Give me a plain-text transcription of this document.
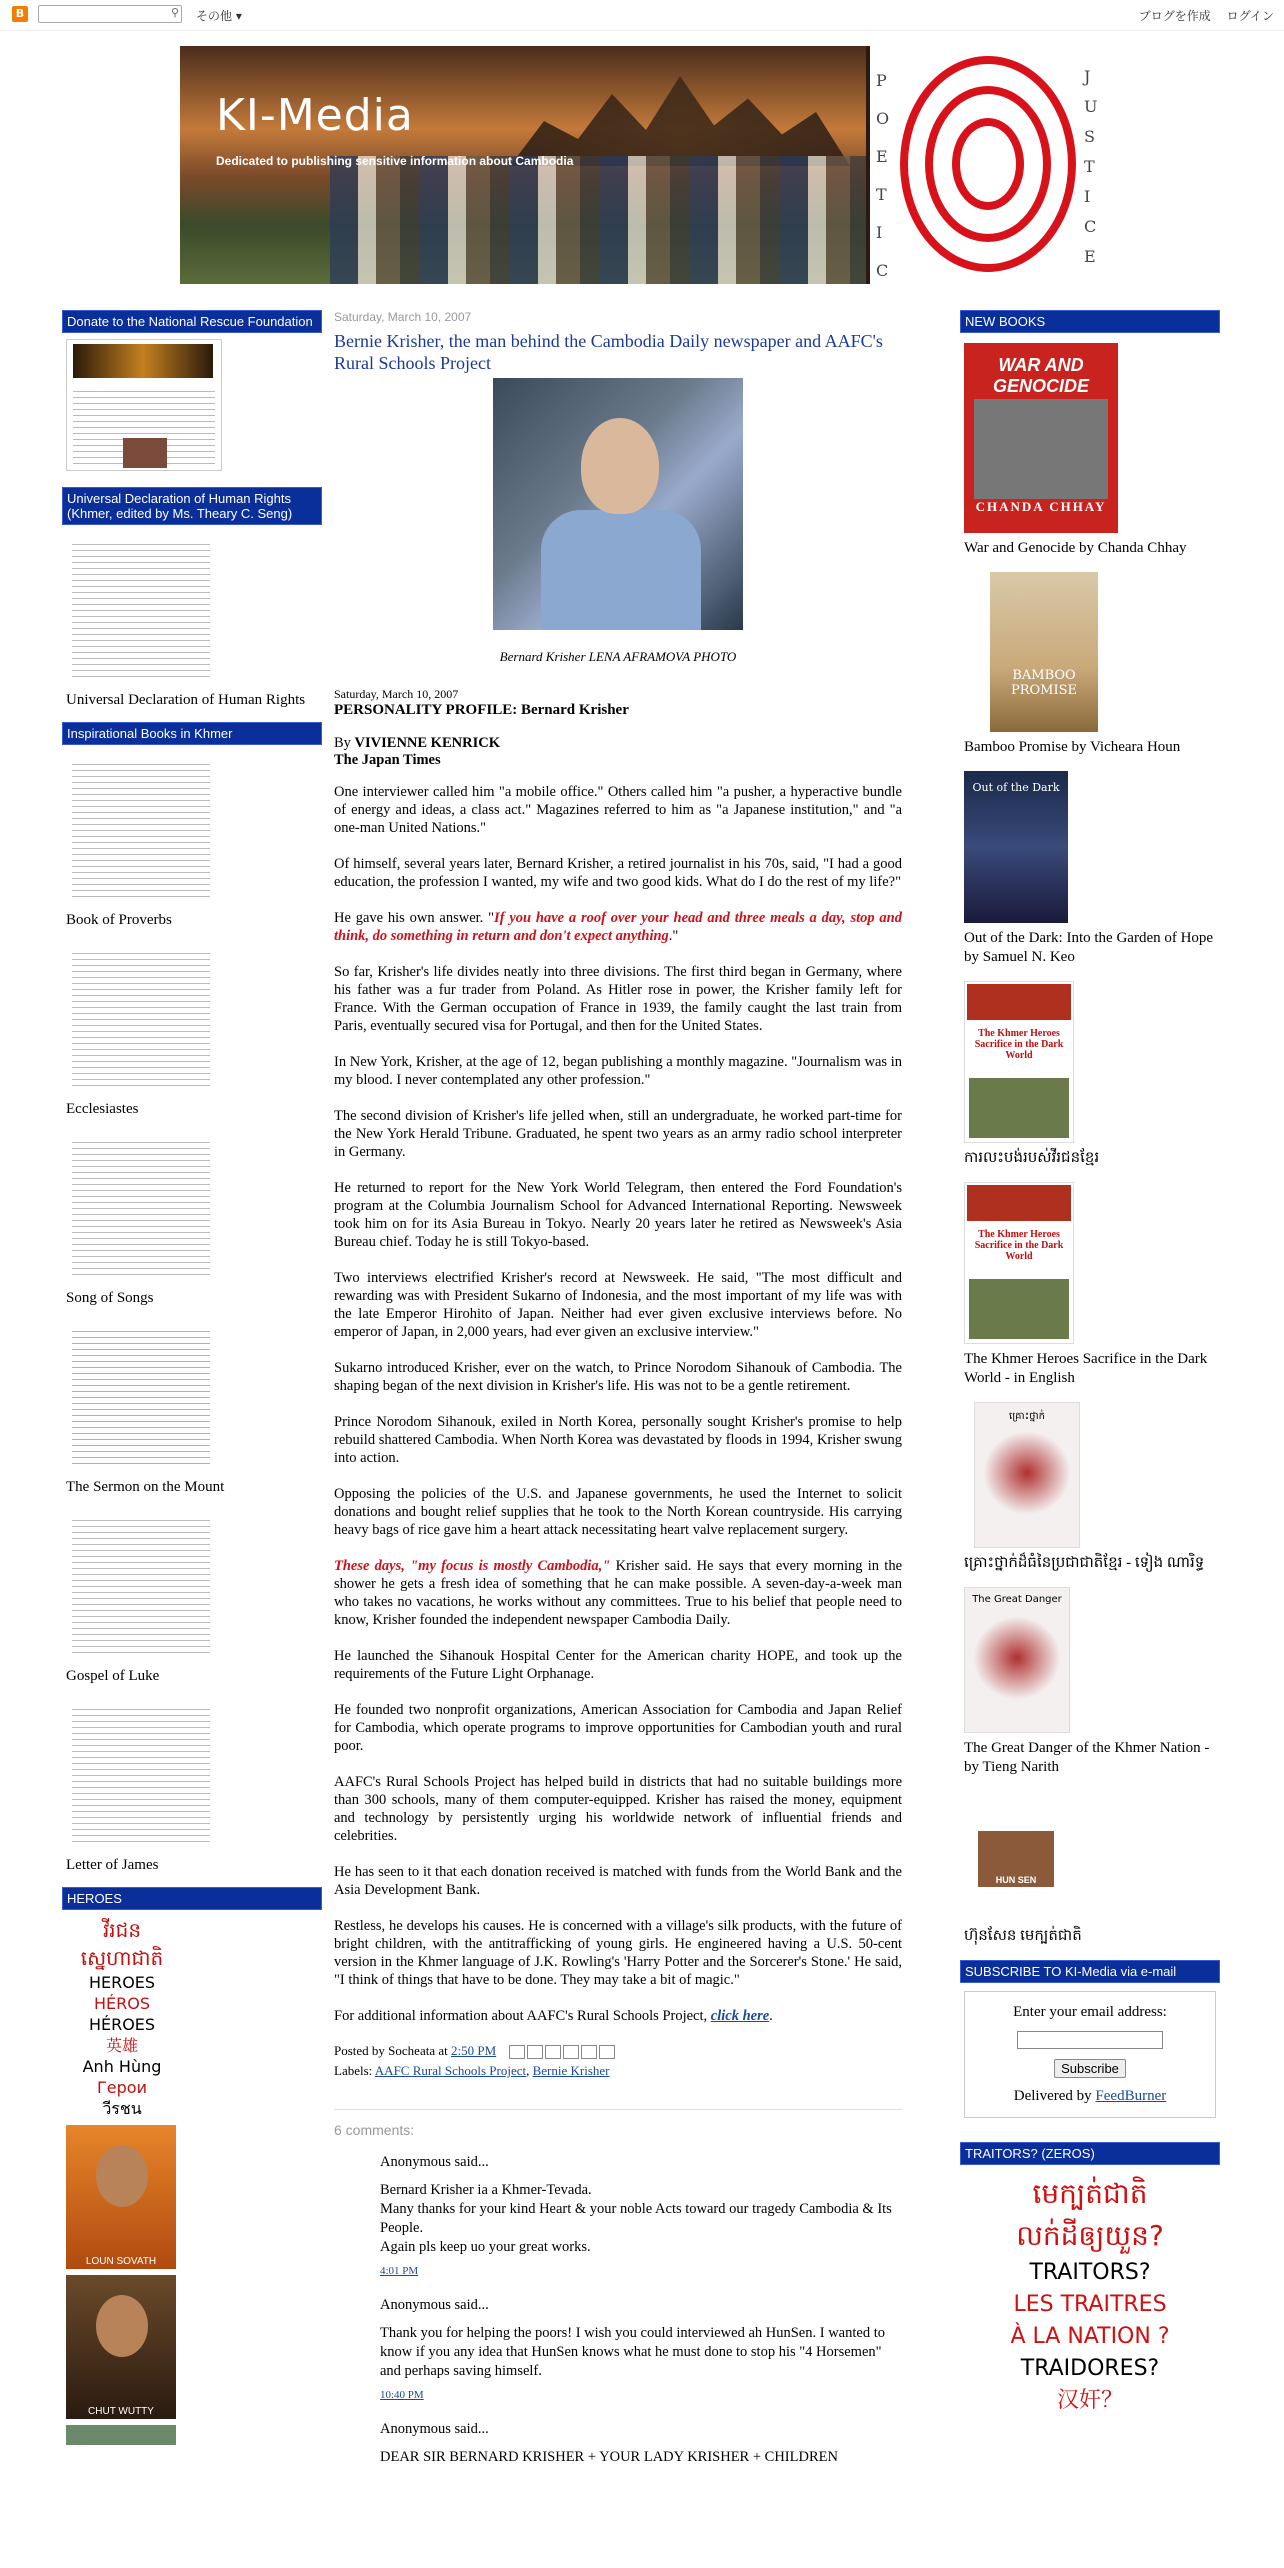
B	⚲ その他 ▾	ブログを作成 ログイン
KI-Media
Dedicated to publishing sensitive information about Cambodia
POETIC
JUSTICE
Donate to the National Rescue Foundation
Universal Declaration of Human Rights (Khmer, edited by Ms. Theary C. Seng)
Universal Declaration of Human Rights
Inspirational Books in Khmer
Book of Proverbs
Ecclesiastes
Song of Songs
The Sermon on the Mount
Gospel of Luke
Letter of James
HEROES
វីរជន
ស្នេហាជាតិ
HEROES
HÉROS
HÉROES
英雄
Anh Hùng
Герои
วีรชน
LOUN SOVATH
CHUT WUTTY
Saturday, March 10, 2007
Bernie Krisher, the man behind the Cambodia Daily newspaper and AAFC's Rural Schools Project
Bernard Krisher LENA AFRAMOVA PHOTO
Saturday, March 10, 2007
PERSONALITY PROFILE: Bernard Krisher
By VIVIENNE KENRICK
The Japan Times

One interviewer called him "a mobile office." Others called him "a pusher, a hyperactive bundle of energy and ideas, a class act." Magazines referred to him as "a Japanese institution," and "a one-man United Nations."

Of himself, several years later, Bernard Krisher, a retired journalist in his 70s, said, "I had a good education, the profession I wanted, my wife and two good kids. What do I do the rest of my life?"

He gave his own answer. "If you have a roof over your head and three meals a day, stop and think, do something in return and don't expect anything."

So far, Krisher's life divides neatly into three divisions. The first third began in Germany, where his father was a fur trader from Poland. As Hitler rose in power, the Krisher family left for France. With the German occupation of France in 1939, the family caught the last train from Paris, eventually secured visa for Portugal, and then for the United States.

In New York, Krisher, at the age of 12, began publishing a monthly magazine. "Journalism was in my blood. I never contemplated any other profession."

The second division of Krisher's life jelled when, still an undergraduate, he worked part-time for the New York Herald Tribune. Graduated, he spent two years as an army radio school interpreter in Germany.

He returned to report for the New York World Telegram, then entered the Ford Foundation's program at the Columbia Journalism School for Advanced International Reporting. Newsweek took him on for its Asia Bureau in Tokyo. Nearly 20 years later he retired as Newsweek's Asia Bureau chief. Today he is still Tokyo-based.

Two interviews electrified Krisher's record at Newsweek. He said, "The most difficult and rewarding was with President Sukarno of Indonesia, and the most important of my life was with the late Emperor Hirohito of Japan. Neither had ever given exclusive interviews before. No emperor of Japan, in 2,000 years, had ever given an exclusive interview."

Sukarno introduced Krisher, ever on the watch, to Prince Norodom Sihanouk of Cambodia. The shaping began of the next division in Krisher's life. His was not to be a gentle retirement.

Prince Norodom Sihanouk, exiled in North Korea, personally sought Krisher's promise to help rebuild shattered Cambodia. When North Korea was devastated by floods in 1994, Krisher swung into action.

Opposing the policies of the U.S. and Japanese governments, he used the Internet to solicit donations and bought relief supplies that he took to the North Korean countryside. His carrying heavy bags of rice gave him a heart attack necessitating heart valve replacement surgery.

These days, "my focus is mostly Cambodia," Krisher said. He says that every morning in the shower he gets a fresh idea of something that he can make possible. A seven-day-a-week man who takes no vacations, he works without any committees. True to his belief that people need to know, Krisher founded the independent newspaper Cambodia Daily.

He launched the Sihanouk Hospital Center for the American charity HOPE, and took up the requirements of the Future Light Orphanage.

He founded two nonprofit organizations, American Association for Cambodia and Japan Relief for Cambodia, which operate programs to improve opportunities for Cambodian youth and rural poor.

AAFC's Rural Schools Project has helped build in districts that had no suitable buildings more than 300 schools, many of them computer-equipped. Krisher has raised the money, equipment and technology by persistently urging his worldwide network of influential friends and celebrities.

He has seen to it that each donation received is matched with funds from the World Bank and the Asia Development Bank.

Restless, he develops his causes. He is concerned with a village's silk products, with the future of bright children, with the antitrafficking of young girls. He engineered having a U.S. 50-cent version in the Khmer language of J.K. Rowling's 'Harry Potter and the Sorcerer's Stone.' He said, "I think of things that have to be done. They may take a bit of magic."

For additional information about AAFC's Rural Schools Project, click here.

Posted by Socheata at 2:50 PM
Labels: AAFC Rural Schools Project, Bernie Krisher
6 comments:
Anonymous said...
Bernard Krisher ia a Khmer-Tevada.
Many thanks for your kind Heart & your noble Acts toward our tragedy Cambodia & Its People.
Again pls keep uo your great works.
4:01 PM
Anonymous said...
Thank you for helping the poors! I wish you could interviewed ah HunSen. I wanted to know if you any idea that HunSen knows what he must done to stop his "4 Horsemen" and perhaps saving himself.
10:40 PM
Anonymous said...
DEAR SIR BERNARD KRISHER + YOUR LADY KRISHER + CHILDREN
NEW BOOKS
WAR AND GENOCIDE
CHANDA CHHAY
War and Genocide by Chanda Chhay
BAMBOO PROMISE
Bamboo Promise by Vicheara Houn
Out of the Dark
Out of the Dark: Into the Garden of Hope by Samuel N. Keo
The Khmer Heroes Sacrifice in the Dark World
ការលះបង់របស់វីរជនខ្មែរ
The Khmer Heroes Sacrifice in the Dark World
The Khmer Heroes Sacrifice in the Dark World - in English
គ្រោះថ្នាក់
គ្រោះថ្នាក់ដ៏ធំនៃប្រជាជាតិខ្មែរ - ទៀង ណារិទ្ធ
The Great Danger
The Great Danger of the Khmer Nation - by Tieng Narith
HUN SEN
ហ៊ុនសែន មេក្បត់ជាតិ
SUBSCRIBE TO KI-Media via e-mail
Enter your email address:
Subscribe
Delivered by FeedBurner
TRAITORS? (ZEROS)
មេក្បត់ជាតិ
លក់ដីឲ្យយួន?
TRAITORS?
LES TRAITRES
À LA NATION ?
TRAIDORES?
汉奸？
